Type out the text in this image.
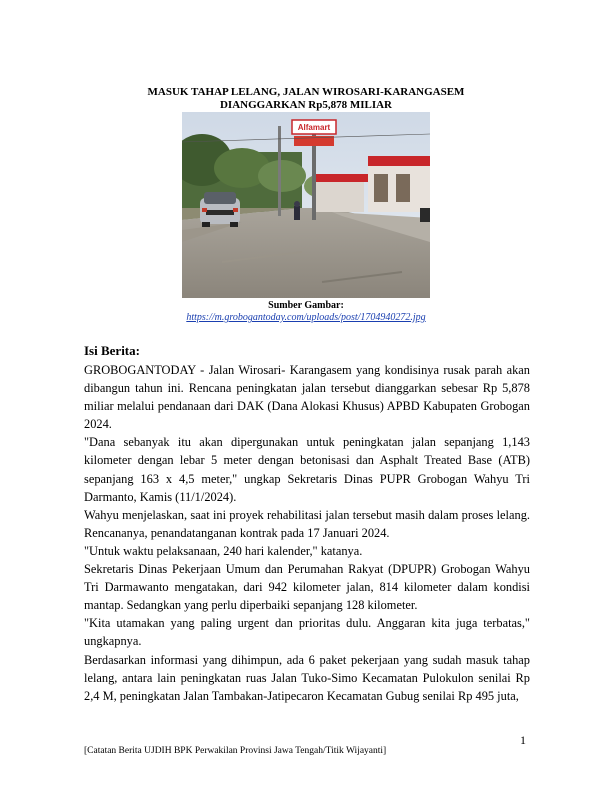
MASUK TAHAP LELANG, JALAN WIROSARI-KARANGASEM
DIANGGARKAN Rp5,878 MILIAR
Alfamart
Sumber Gambar:
https://m.grobogantoday.com/uploads/post/1704940272.jpg
Isi Berita:

GROBOGANTODAY - Jalan Wirosari- Karangasem yang kondisinya rusak parah akan dibangun tahun ini. Rencana peningkatan jalan tersebut dianggarkan sebesar Rp 5,878 miliar melalui pendanaan dari DAK (Dana Alokasi Khusus) APBD Kabupaten Grobogan 2024.

"Dana sebanyak itu akan dipergunakan untuk peningkatan jalan sepanjang 1,143 kilometer dengan lebar 5 meter dengan betonisasi dan Asphalt Treated Base (ATB) sepanjang 163 x 4,5 meter," ungkap Sekretaris Dinas PUPR Grobogan Wahyu Tri Darmanto, Kamis (11/1/2024).

Wahyu menjelaskan, saat ini proyek rehabilitasi jalan tersebut masih dalam proses lelang. Rencananya, penandatanganan kontrak pada 17 Januari 2024.

"Untuk waktu pelaksanaan, 240 hari kalender," katanya.

Sekretaris Dinas Pekerjaan Umum dan Perumahan Rakyat (DPUPR) Grobogan Wahyu Tri Darmawanto mengatakan, dari 942 kilometer jalan, 814 kilometer dalam kondisi mantap. Sedangkan yang perlu diperbaiki sepanjang 128 kilometer.

"Kita utamakan yang paling urgent dan prioritas dulu. Anggaran kita juga terbatas," ungkapnya.

Berdasarkan informasi yang dihimpun, ada 6 paket pekerjaan yang sudah masuk tahap lelang, antara lain peningkatan ruas Jalan Tuko-Simo Kecamatan Pulokulon senilai Rp 2,4 M, peningkatan Jalan Tambakan-Jatipecaron Kecamatan Gubug senilai Rp 495 juta,

1
[Catatan Berita UJDIH BPK Perwakilan Provinsi Jawa Tengah/Titik Wijayanti]
